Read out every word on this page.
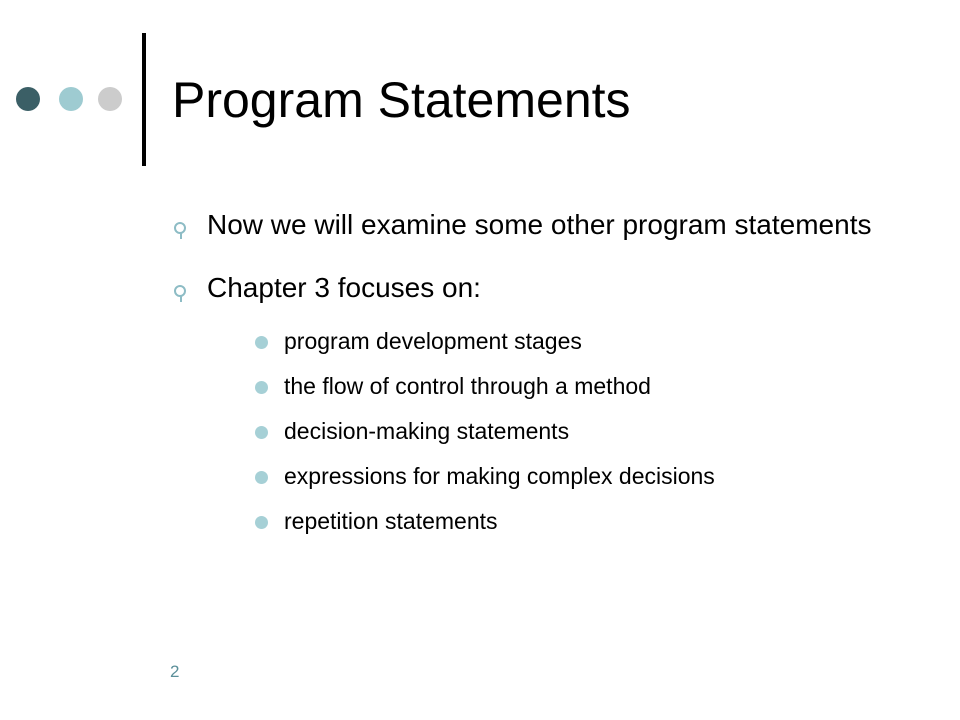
Program Statements
Now we will examine some other program statements
Chapter 3 focuses on:
program development stages
the flow of control through a method
decision-making statements
expressions for making complex decisions
repetition statements
2
